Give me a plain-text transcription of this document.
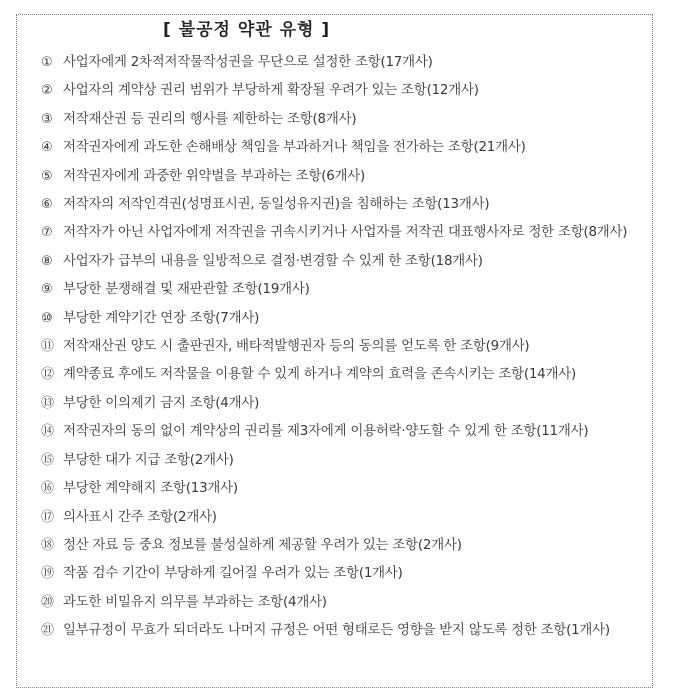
[ 불공정 약관 유형 ]
① 사업자에게 2차적저작물작성권을 무단으로 설정한 조항(17개사)
② 사업자의 계약상 권리 범위가 부당하게 확장될 우려가 있는 조항(12개사)
③ 저작재산권 등 권리의 행사를 제한하는 조항(8개사)
④ 저작권자에게 과도한 손해배상 책임을 부과하거나 책임을 전가하는 조항(21개사)
⑤ 저작권자에게 과중한 위약벌을 부과하는 조항(6개사)
⑥ 저작자의 저작인격권(성명표시권, 동일성유지권)을 침해하는 조항(13개사)
⑦ 저작자가 아닌 사업자에게 저작권을 귀속시키거나 사업자를 저작권 대표행사자로 정한 조항(8개사)
⑧ 사업자가 급부의 내용을 일방적으로 결정·변경할 수 있게 한 조항(18개사)
⑨ 부당한 분쟁해결 및 재판관할 조항(19개사)
⑩ 부당한 계약기간 연장 조항(7개사)
⑪ 저작재산권 양도 시 출판권자, 배타적발행권자 등의 동의를 얻도록 한 조항(9개사)
⑫ 계약종료 후에도 저작물을 이용할 수 있게 하거나 계약의 효력을 존속시키는 조항(14개사)
⑬ 부당한 이의제기 금지 조항(4개사)
⑭ 저작권자의 동의 없이 계약상의 권리를 제3자에게 이용허락·양도할 수 있게 한 조항(11개사)
⑮ 부당한 대가 지급 조항(2개사)
⑯ 부당한 계약해지 조항(13개사)
⑰ 의사표시 간주 조항(2개사)
⑱ 정산 자료 등 중요 정보를 불성실하게 제공할 우려가 있는 조항(2개사)
⑲ 작품 검수 기간이 부당하게 길어질 우려가 있는 조항(1개사)
⑳ 과도한 비밀유지 의무를 부과하는 조항(4개사)
㉑ 일부규정이 무효가 되더라도 나머지 규정은 어떤 형태로든 영향을 받지 않도록 정한 조항(1개사)
